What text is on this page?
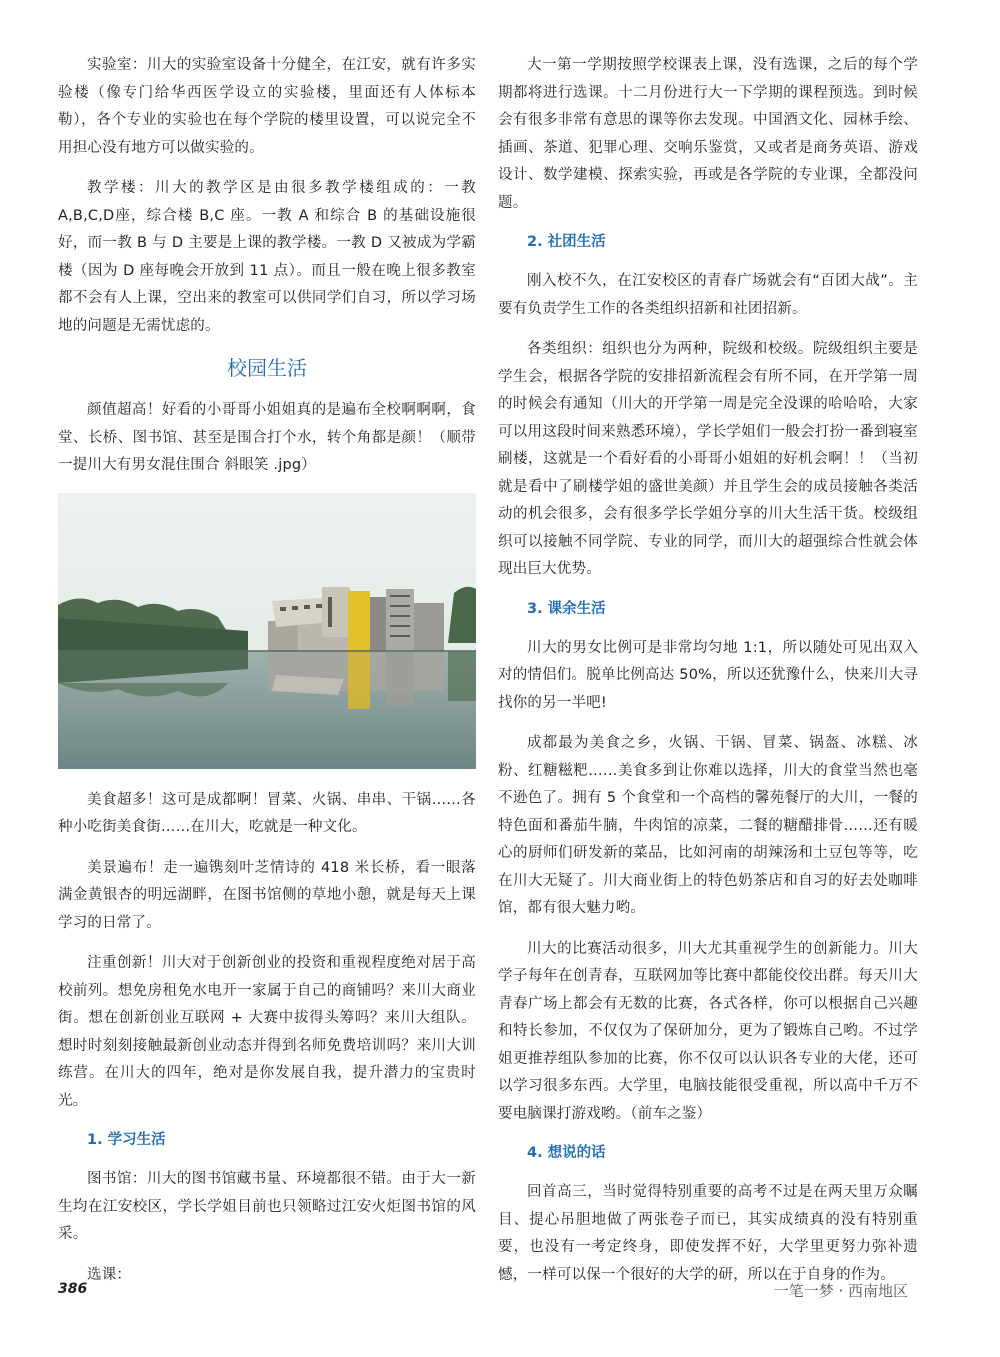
实验室：川大的实验室设备十分健全，在江安，就有许多实验楼（像专门给华西医学设立的实验楼，里面还有人体标本勒），各个专业的实验也在每个学院的楼里设置，可以说完全不用担心没有地方可以做实验的。

教学楼：川大的教学区是由很多教学楼组成的：一教A,B,C,D座，综合楼 B,C 座。一教 A 和综合 B 的基础设施很好，而一教 B 与 D 主要是上课的教学楼。一教 D 又被成为学霸楼（因为 D 座每晚会开放到 11 点）。而且一般在晚上很多教室都不会有人上课，空出来的教室可以供同学们自习，所以学习场地的问题是无需忧虑的。

校园生活

颜值超高！好看的小哥哥小姐姐真的是遍布全校啊啊啊，食堂、长桥、图书馆、甚至是围合打个水，转个角都是颜！（顺带一提川大有男女混住围合 斜眼笑 .jpg）

美食超多！这可是成都啊！冒菜、火锅、串串、干锅……各种小吃街美食街……在川大，吃就是一种文化。

美景遍布！走一遍镌刻叶芝情诗的 418 米长桥，看一眼落满金黄银杏的明远湖畔，在图书馆侧的草地小憩，就是每天上课学习的日常了。

注重创新！川大对于创新创业的投资和重视程度绝对居于高校前列。想免房租免水电开一家属于自己的商铺吗？来川大商业街。想在创新创业互联网 + 大赛中拔得头筹吗？来川大组队。想时时刻刻接触最新创业动态并得到名师免费培训吗？来川大训练营。在川大的四年，绝对是你发展自我，提升潜力的宝贵时光。

1. 学习生活

图书馆：川大的图书馆藏书量、环境都很不错。由于大一新生均在江安校区，学长学姐目前也只领略过江安火炬图书馆的风采。

选课：

大一第一学期按照学校课表上课，没有选课，之后的每个学期都将进行选课。十二月份进行大一下学期的课程预选。到时候会有很多非常有意思的课等你去发现。中国酒文化、园林手绘、插画、茶道、犯罪心理、交响乐鉴赏，又或者是商务英语、游戏设计、数学建模、探索实验，再或是各学院的专业课，全都没问题。

2. 社团生活

刚入校不久，在江安校区的青春广场就会有“百团大战”。主要有负责学生工作的各类组织招新和社团招新。

各类组织：组织也分为两种，院级和校级。院级组织主要是学生会，根据各学院的安排招新流程会有所不同，在开学第一周的时候会有通知（川大的开学第一周是完全没课的哈哈哈，大家可以用这段时间来熟悉环境），学长学姐们一般会打扮一番到寝室刷楼，这就是一个看好看的小哥哥小姐姐的好机会啊！！（当初就是看中了刷楼学姐的盛世美颜）并且学生会的成员接触各类活动的机会很多，会有很多学长学姐分享的川大生活干货。校级组织可以接触不同学院、专业的同学，而川大的超强综合性就会体现出巨大优势。

3. 课余生活

川大的男女比例可是非常均匀地 1:1，所以随处可见出双入对的情侣们。脱单比例高达 50%，所以还犹豫什么，快来川大寻找你的另一半吧!

成都最为美食之乡，火锅、干锅、冒菜、锅盔、冰糕、冰粉、红糖糍粑……美食多到让你难以选择，川大的食堂当然也毫不逊色了。拥有 5 个食堂和一个高档的馨苑餐厅的大川，一餐的特色面和番茄牛腩，牛肉馆的凉菜，二餐的糖醋排骨……还有暖心的厨师们研发新的菜品，比如河南的胡辣汤和土豆包等等，吃在川大无疑了。川大商业街上的特色奶茶店和自习的好去处咖啡馆，都有很大魅力哟。

川大的比赛活动很多，川大尤其重视学生的创新能力。川大学子每年在创青春，互联网加等比赛中都能佼佼出群。每天川大青春广场上都会有无数的比赛，各式各样，你可以根据自己兴趣和特长参加，不仅仅为了保研加分，更为了锻炼自己哟。不过学姐更推荐组队参加的比赛，你不仅可以认识各专业的大佬，还可以学习很多东西。大学里，电脑技能很受重视，所以高中千万不要电脑课打游戏哟。（前车之鉴）

4. 想说的话

回首高三，当时觉得特别重要的高考不过是在两天里万众瞩目、提心吊胆地做了两张卷子而已，其实成绩真的没有特别重要，也没有一考定终身，即使发挥不好，大学里更努力弥补遗憾，一样可以保一个很好的大学的研，所以在于自身的作为。

386	一笔一梦 · 西南地区
